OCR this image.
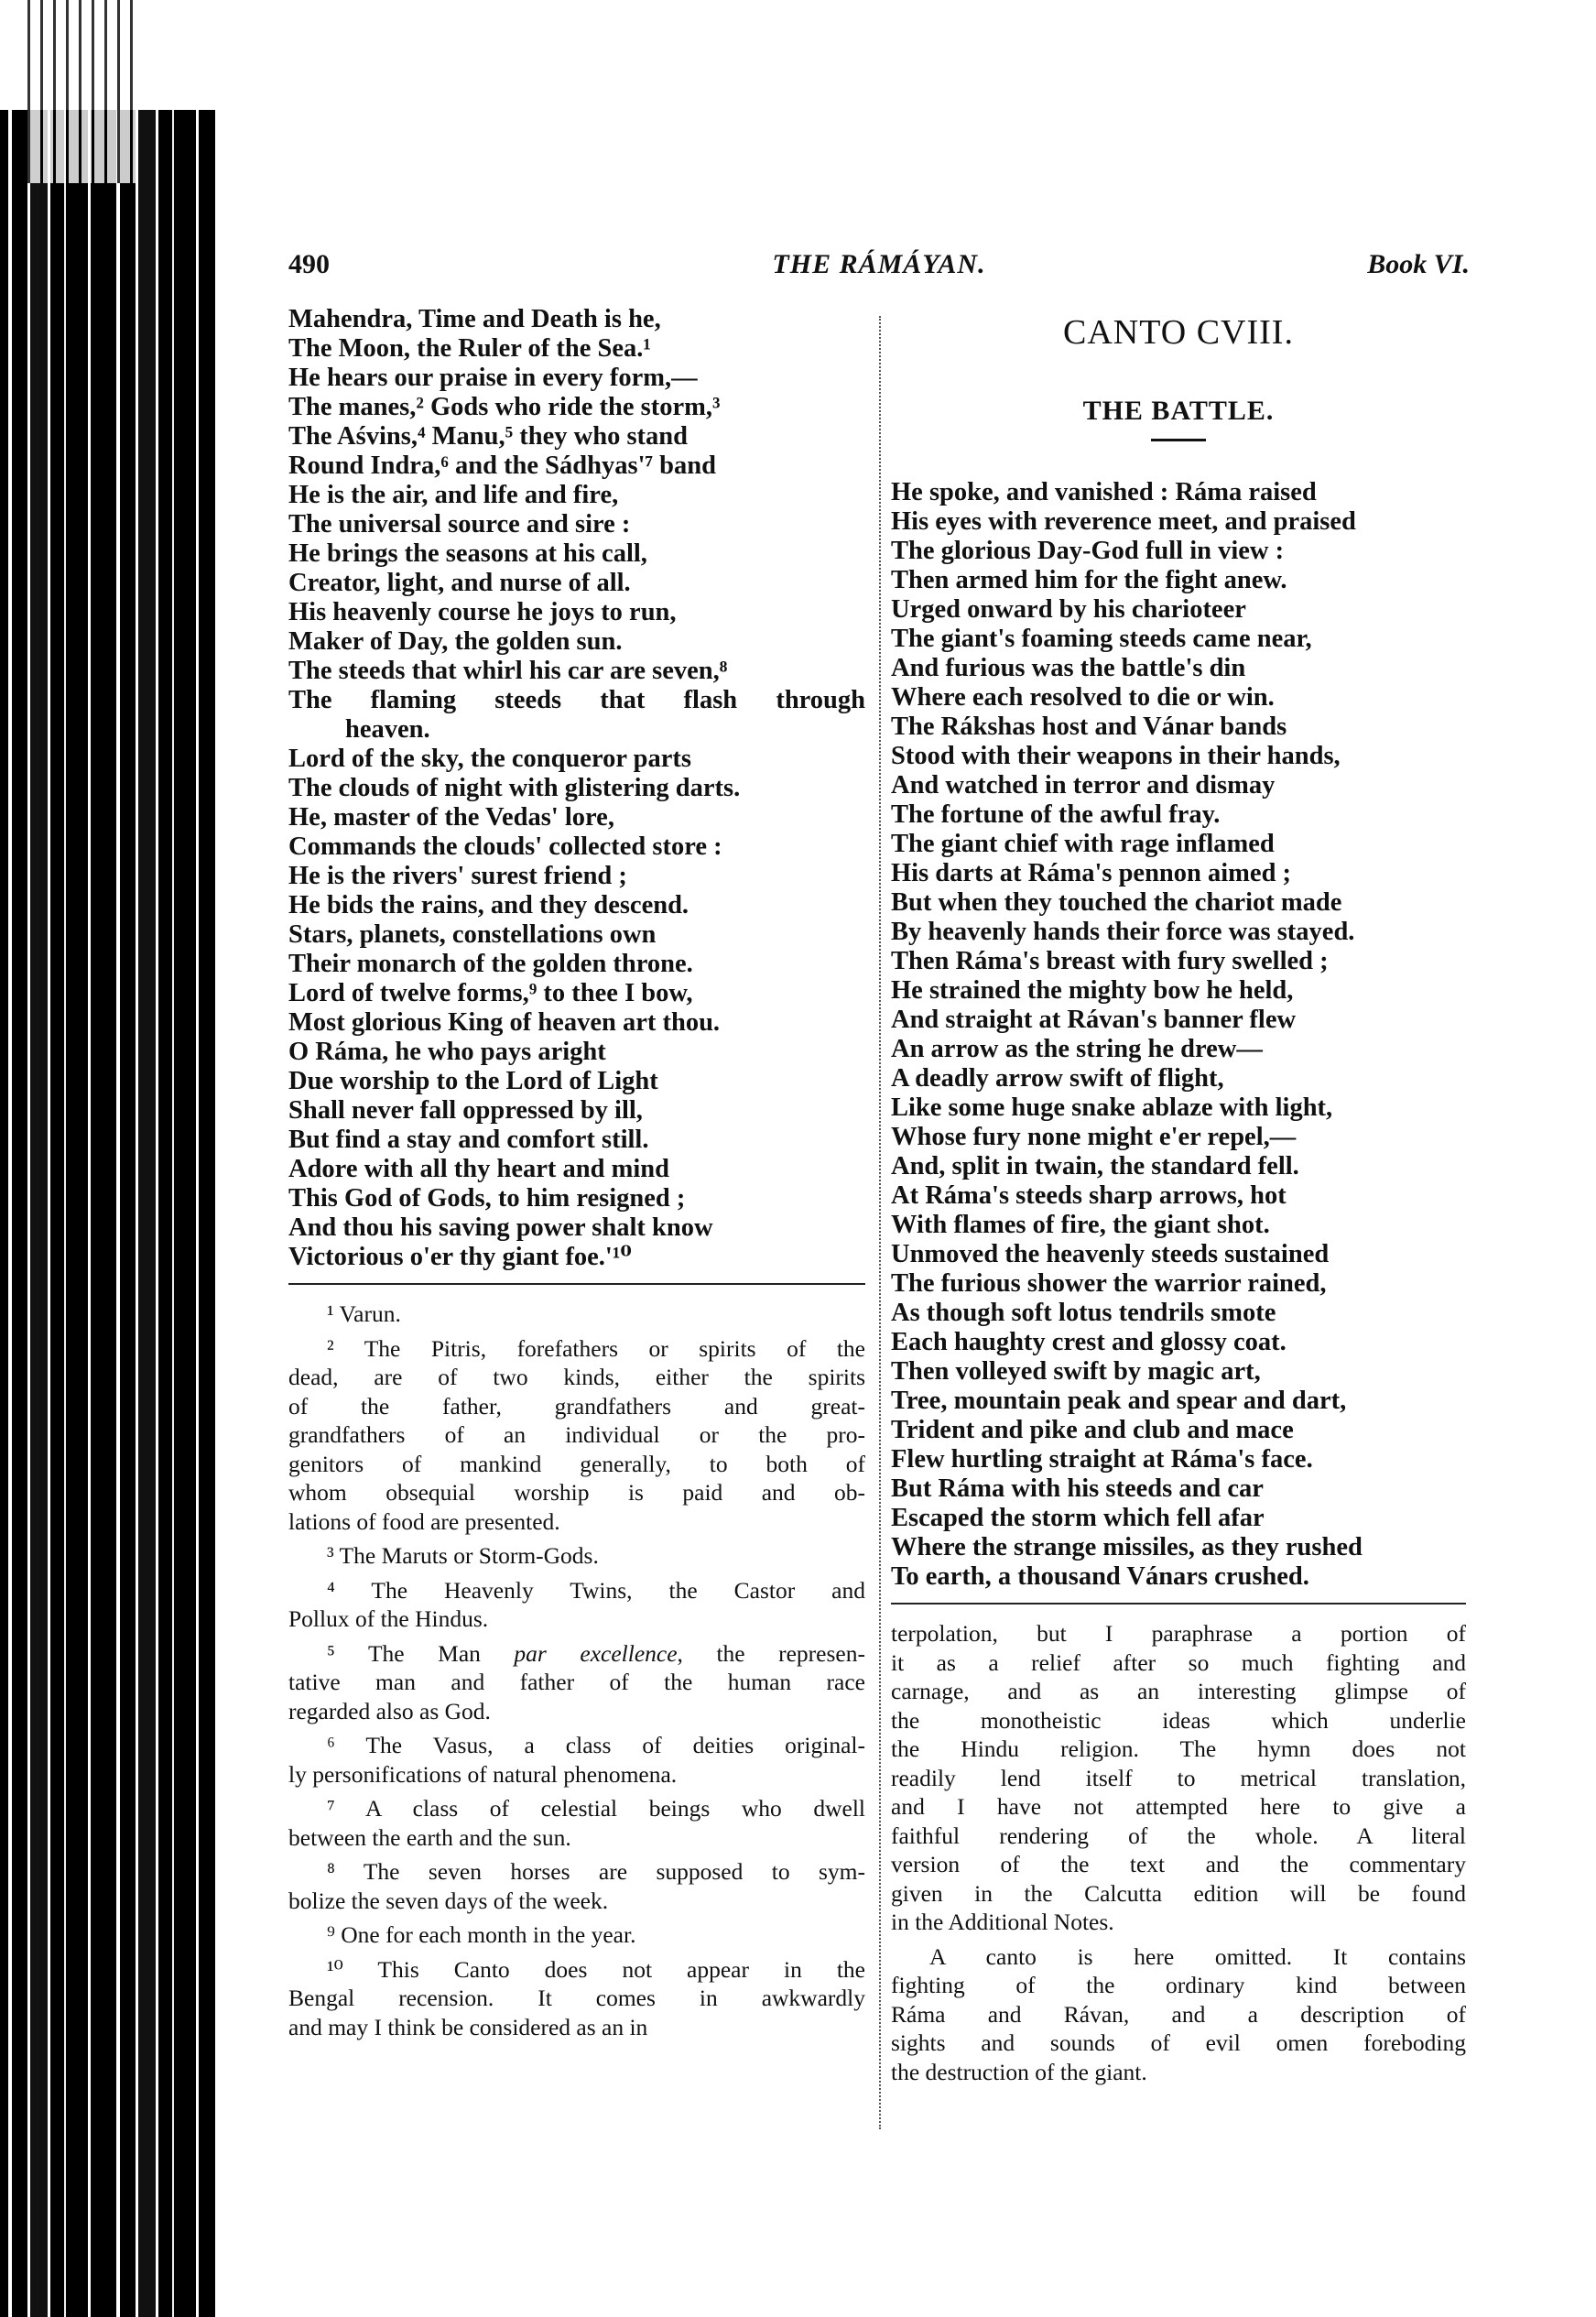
490	THE RÁMÁYAN.	Book VI.
Mahendra, Time and Death is he,
The Moon, the Ruler of the Sea.¹
He hears our praise in every form,—
The manes,² Gods who ride the storm,³
The Aśvins,⁴ Manu,⁵ they who stand
Round Indra,⁶ and the Sádhyas'⁷ band
He is the air, and life and fire,
The universal source and sire :
He brings the seasons at his call,
Creator, light, and nurse of all.
His heavenly course he joys to run,
Maker of Day, the golden sun.
The steeds that whirl his car are seven,⁸
The flaming steeds that flash through
heaven.
Lord of the sky, the conqueror parts
The clouds of night with glistering darts.
He, master of the Vedas' lore,
Commands the clouds' collected store :
He is the rivers' surest friend ;
He bids the rains, and they descend.
Stars, planets, constellations own
Their monarch of the golden throne.
Lord of twelve forms,⁹ to thee I bow,
Most glorious King of heaven art thou.
O Ráma, he who pays aright
Due worship to the Lord of Light
Shall never fall oppressed by ill,
But find a stay and comfort still.
Adore with all thy heart and mind
This God of Gods, to him resigned ;
And thou his saving power shalt know
Victorious o'er thy giant foe.'¹⁰
¹ Varun.
² The Pitris, forefathers or spirits of the
dead, are of two kinds, either the spirits
of the father, grandfathers and great-
grandfathers of an individual or the pro-
genitors of mankind generally, to both of
whom obsequial worship is paid and ob-
lations of food are presented.
³ The Maruts or Storm-Gods.
⁴ The Heavenly Twins, the Castor and
Pollux of the Hindus.
⁵ The Man par excellence, the represen-
tative man and father of the human race
regarded also as God.
⁶ The Vasus, a class of deities original-
ly personifications of natural phenomena.
⁷ A class of celestial beings who dwell
between the earth and the sun.
⁸ The seven horses are supposed to sym-
bolize the seven days of the week.
⁹ One for each month in the year.
¹⁰ This Canto does not appear in the
Bengal recension. It comes in awkwardly
and may I think be considered as an in
CANTO CVIII.
THE BATTLE.
He spoke, and vanished : Ráma raised
His eyes with reverence meet, and praised
The glorious Day-God full in view :
Then armed him for the fight anew.
Urged onward by his charioteer
The giant's foaming steeds came near,
And furious was the battle's din
Where each resolved to die or win.
The Rákshas host and Vánar bands
Stood with their weapons in their hands,
And watched in terror and dismay
The fortune of the awful fray.
The giant chief with rage inflamed
His darts at Ráma's pennon aimed ;
But when they touched the chariot made
By heavenly hands their force was stayed.
Then Ráma's breast with fury swelled ;
He strained the mighty bow he held,
And straight at Rávan's banner flew
An arrow as the string he drew—
A deadly arrow swift of flight,
Like some huge snake ablaze with light,
Whose fury none might e'er repel,—
And, split in twain, the standard fell.
At Ráma's steeds sharp arrows, hot
With flames of fire, the giant shot.
Unmoved the heavenly steeds sustained
The furious shower the warrior rained,
As though soft lotus tendrils smote
Each haughty crest and glossy coat.
Then volleyed swift by magic art,
Tree, mountain peak and spear and dart,
Trident and pike and club and mace
Flew hurtling straight at Ráma's face.
But Ráma with his steeds and car
Escaped the storm which fell afar
Where the strange missiles, as they rushed
To earth, a thousand Vánars crushed.
terpolation, but I paraphrase a portion of
it as a relief after so much fighting and
carnage, and as an interesting glimpse of
the monotheistic ideas which underlie
the Hindu religion. The hymn does not
readily lend itself to metrical translation,
and I have not attempted here to give a
faithful rendering of the whole. A literal
version of the text and the commentary
given in the Calcutta edition will be found
in the Additional Notes.
A canto is here omitted. It contains
fighting of the ordinary kind between
Ráma and Rávan, and a description of
sights and sounds of evil omen foreboding
the destruction of the giant.
